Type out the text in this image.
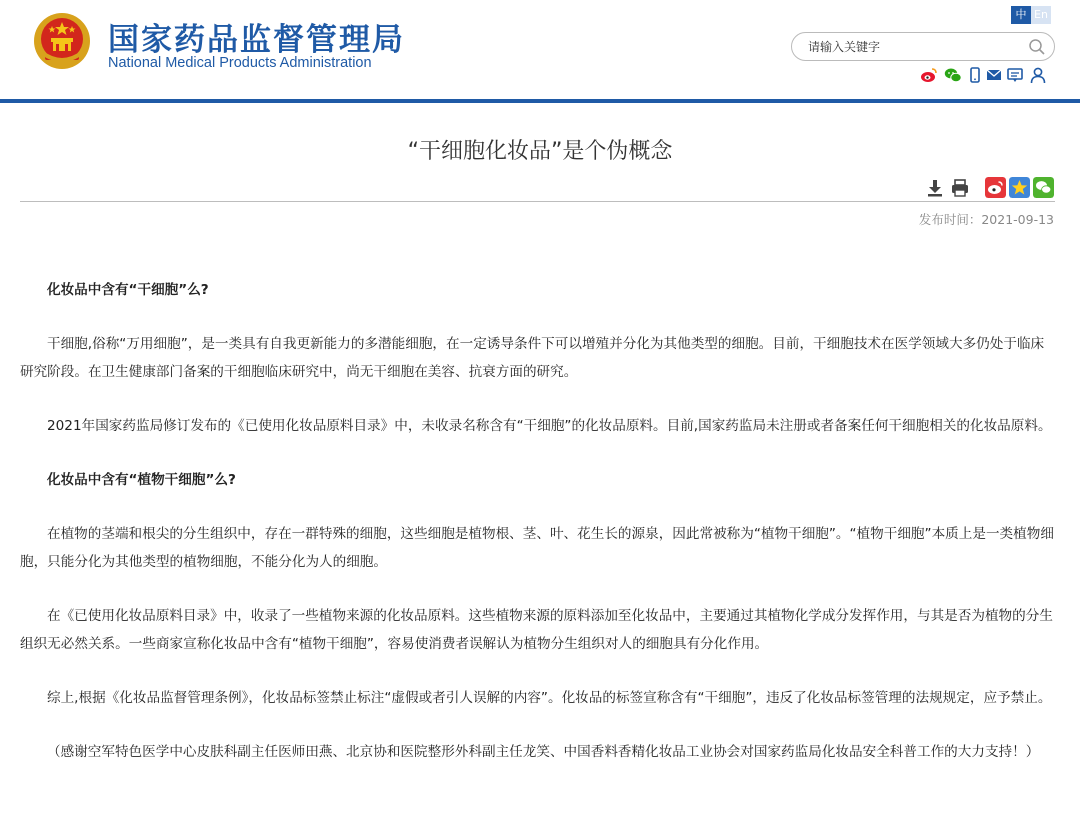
国家药品监督管理局
National Medical Products Administration
中 En
请输入关键字
“干细胞化妆品”是个伪概念
发布时间：2021-09-13
化妆品中含有“干细胞”么?

干细胞,俗称“万用细胞”，是一类具有自我更新能力的多潜能细胞，在一定诱导条件下可以增殖并分化为其他类型的细胞。目前，干细胞技术在医学领域大多仍处于临床研究阶段。在卫生健康部门备案的干细胞临床研究中，尚无干细胞在美容、抗衰方面的研究。

2021年国家药监局修订发布的《已使用化妆品原料目录》中，未收录名称含有“干细胞”的化妆品原料。目前,国家药监局未注册或者备案任何干细胞相关的化妆品原料。

化妆品中含有“植物干细胞”么?

在植物的茎端和根尖的分生组织中，存在一群特殊的细胞，这些细胞是植物根、茎、叶、花生长的源泉，因此常被称为“植物干细胞”。“植物干细胞”本质上是一类植物细胞，只能分化为其他类型的植物细胞，不能分化为人的细胞。

在《已使用化妆品原料目录》中，收录了一些植物来源的化妆品原料。这些植物来源的原料添加至化妆品中，主要通过其植物化学成分发挥作用，与其是否为植物的分生组织无必然关系。一些商家宣称化妆品中含有“植物干细胞”，容易使消费者误解认为植物分生组织对人的细胞具有分化作用。

综上,根据《化妆品监督管理条例》，化妆品标签禁止标注“虚假或者引人误解的内容”。化妆品的标签宣称含有“干细胞”，违反了化妆品标签管理的法规规定，应予禁止。

（感谢空军特色医学中心皮肤科副主任医师田燕、北京协和医院整形外科副主任龙笑、中国香料香精化妆品工业协会对国家药监局化妆品安全科普工作的大力支持！）
